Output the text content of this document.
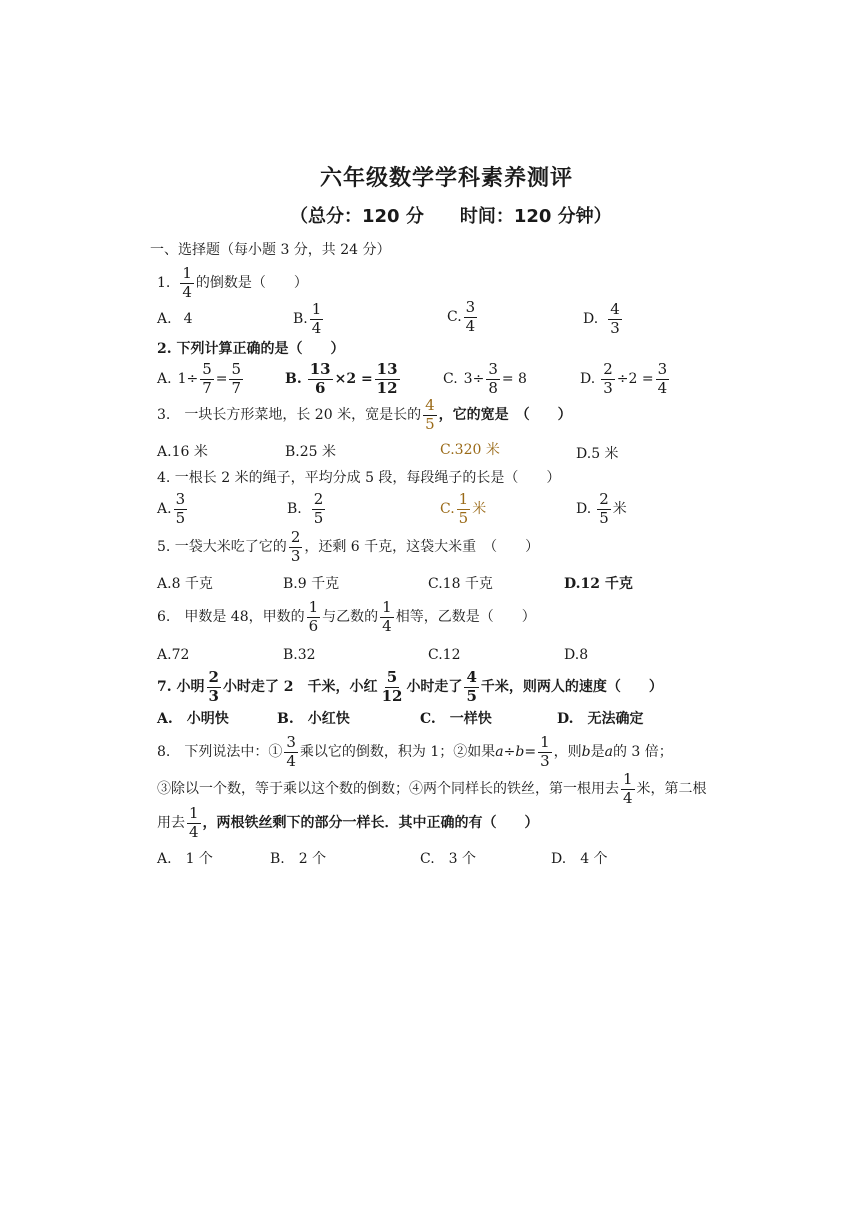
六年级数学学科素养测评
（总分：120 分　　时间：120 分钟）
一、选择题（每小题 3 分，共 24 分）
1. $\frac{1}{4}$ 的倒数是（　　）
A. 4	B. $\frac{1}{4}$	C. $\frac{3}{4}$	D. $\frac{4}{3}$
2. 下列计算正确的是（　　）
A. $1\div \frac{5}{7} = \frac{5}{7}$	B. $\frac{13}{6} \times 2 = \frac{13}{12}$	C. $3\div \frac{3}{8} = 8$	D. $\frac{2}{3} \div 2 = \frac{3}{4}$
3.　一块长方形菜地，长 20 米，宽是长的 $\frac{4}{5}$ ，它的宽是　（　　）
A.16 米	B.25 米	C.320 米	D.5 米
4. 一根长 2 米的绳子，平均分成 5 段，每段绳子的长是（　　）
A. $\frac{3}{5}$	B. $\frac{2}{5}$	C. $\frac{1}{5}$ 米	D. $\frac{2}{5}$ 米
5. 一袋大米吃了它的 $\frac{2}{3}$ ，还剩 6 千克，这袋大米重　（　　）
A.8 千克	B.9 千克	C.18 千克	D.12 千克
6.　甲数是 48，甲数的 $\frac{1}{6}$ 与乙数的 $\frac{1}{4}$ 相等，乙数是（　　）
A.72	B.32	C.12	D.8
7. 小明 $\frac{2}{3}$ 小时走了 2　千米，小红 $\frac{5}{12}$ 小时走了 $\frac{4}{5}$ 千米，则两人的速度（　　）
A.　 小明快	B.　 小红快	C.　 一样快	D.　 无法确定
8.　下列说法中：① $\frac{3}{4}$ 乘以它的倒数，积为 1；②如果 $a \div b = \frac{1}{3}$ ，则 b 是 a 的 3 倍；
③除以一个数，等于乘以这个数的倒数；④两个同样长的铁丝，第一根用去 $\frac{1}{4}$ 米，第二根
用去 $\frac{1}{4}$ ，两根铁丝剩下的部分一样长．其中正确的有（　　）
A.　 1 个	B.　 2 个	C.　 3 个	D.　 4 个
